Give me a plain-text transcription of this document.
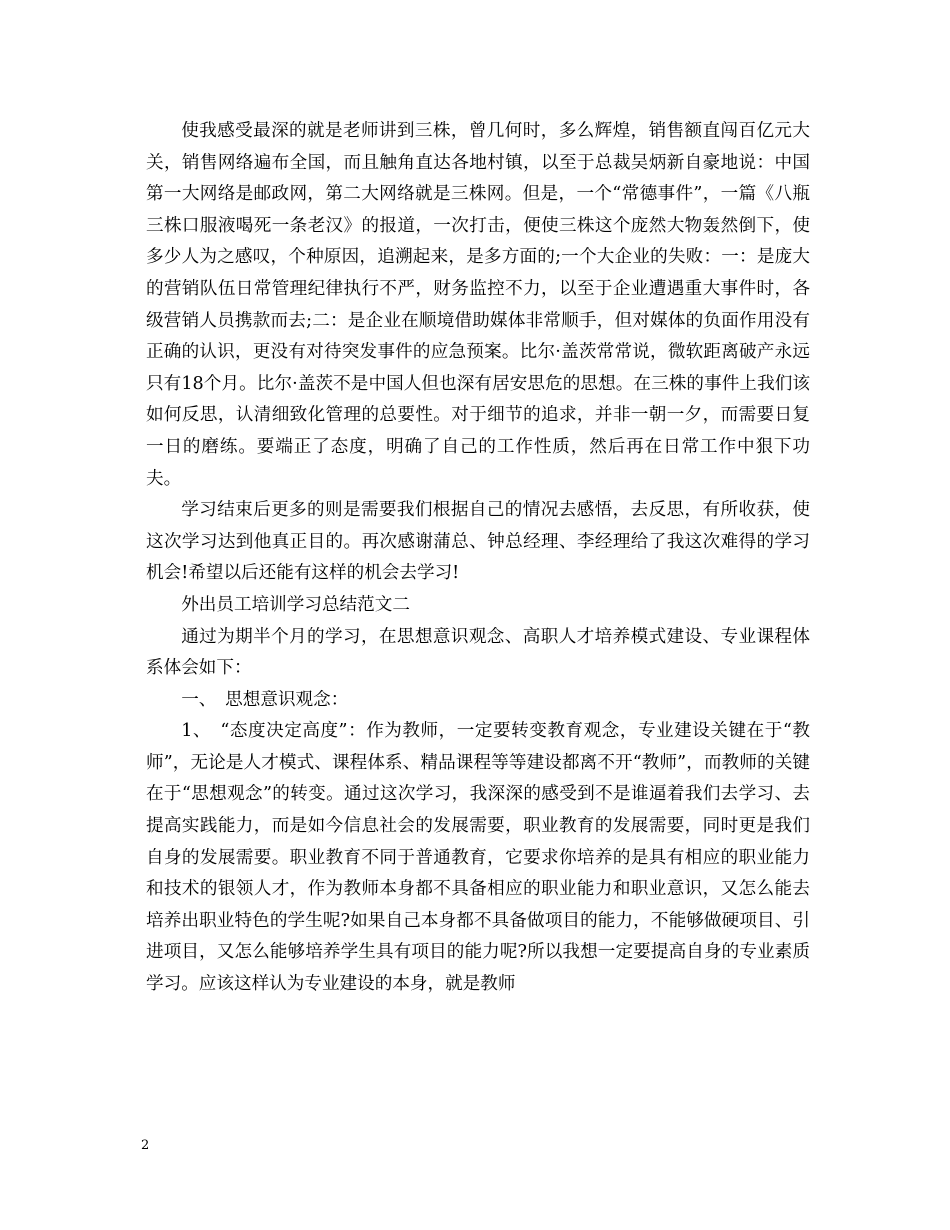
使我感受最深的就是老师讲到三株，曾几何时，多么辉煌，销售额直闯百亿元大关，销售网络遍布全国，而且触角直达各地村镇，以至于总裁吴炳新自豪地说：中国第一大网络是邮政网，第二大网络就是三株网。但是，一个“常德事件”，一篇《八瓶三株口服液喝死一条老汉》的报道，一次打击，便使三株这个庞然大物轰然倒下，使多少人为之感叹，个种原因，追溯起来，是多方面的;一个大企业的失败：一：是庞大的营销队伍日常管理纪律执行不严，财务监控不力，以至于企业遭遇重大事件时，各级营销人员携款而去;二：是企业在顺境借助媒体非常顺手，但对媒体的负面作用没有正确的认识，更没有对待突发事件的应急预案。比尔·盖茨常常说，微软距离破产永远只有18个月。比尔·盖茨不是中国人但也深有居安思危的思想。在三株的事件上我们该如何反思，认清细致化管理的总要性。对于细节的追求，并非一朝一夕，而需要日复一日的磨练。要端正了态度，明确了自己的工作性质，然后再在日常工作中狠下功夫。

学习结束后更多的则是需要我们根据自己的情况去感悟，去反思，有所收获，使这次学习达到他真正目的。再次感谢蒲总、钟总经理、李经理给了我这次难得的学习机会!希望以后还能有这样的机会去学习!

外出员工培训学习总结范文二

通过为期半个月的学习，在思想意识观念、高职人才培养模式建设、专业课程体系体会如下：

一、　思想意识观念：

1、　“态度决定高度”：作为教师，一定要转变教育观念，专业建设关键在于“教师”，无论是人才模式、课程体系、精品课程等等建设都离不开“教师”，而教师的关键在于“思想观念”的转变。通过这次学习，我深深的感受到不是谁逼着我们去学习、去提高实践能力，而是如今信息社会的发展需要，职业教育的发展需要，同时更是我们自身的发展需要。职业教育不同于普通教育，它要求你培养的是具有相应的职业能力和技术的银领人才，作为教师本身都不具备相应的职业能力和职业意识，又怎么能去培养出职业特色的学生呢?如果自己本身都不具备做项目的能力，不能够做硬项目、引进项目，又怎么能够培养学生具有项目的能力呢?所以我想一定要提高自身的专业素质学习。应该这样认为专业建设的本身，就是教师

2
